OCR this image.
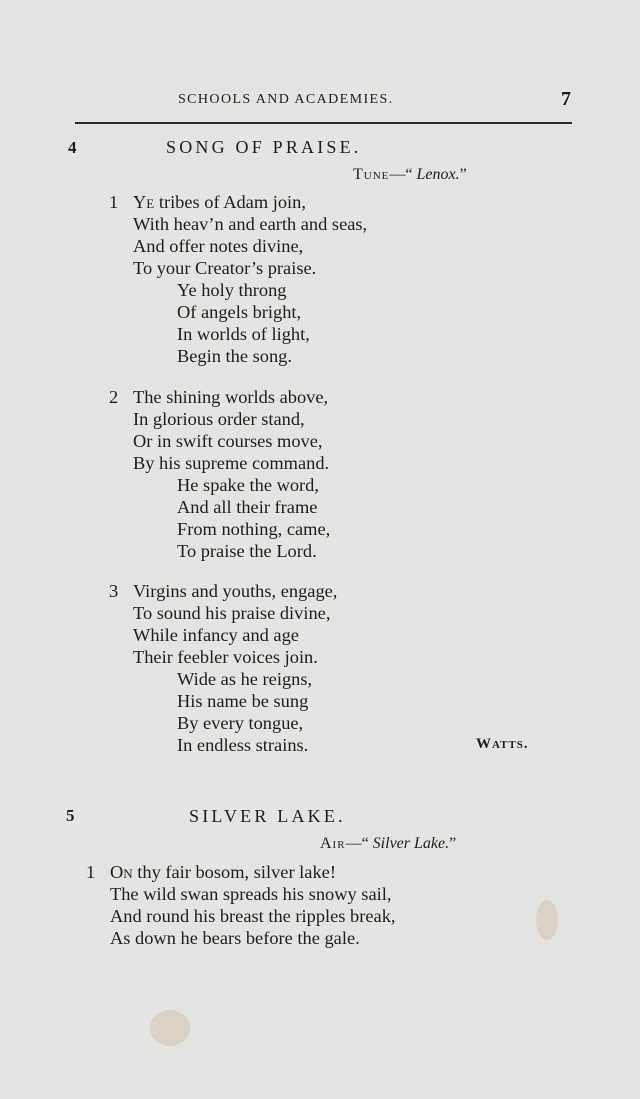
SCHOOLS AND ACADEMIES.	7
4	SONG OF PRAISE.
Tune—“ Lenox.”
1 Ye tribes of Adam join,
With heav’n and earth and seas,
And offer notes divine,
To your Creator’s praise.
Ye holy throng
Of angels bright,
In worlds of light,
Begin the song.
2 The shining worlds above,
In glorious order stand,
Or in swift courses move,
By his supreme command.
He spake the word,
And all their frame
From nothing, came,
To praise the Lord.
3 Virgins and youths, engage,
To sound his praise divine,
While infancy and age
Their feebler voices join.
Wide as he reigns,
His name be sung
By every tongue,
In endless strains.	Watts.
5	SILVER LAKE.
Air—“ Silver Lake.”
1 On thy fair bosom, silver lake!
The wild swan spreads his snowy sail,
And round his breast the ripples break,
As down he bears before the gale.
